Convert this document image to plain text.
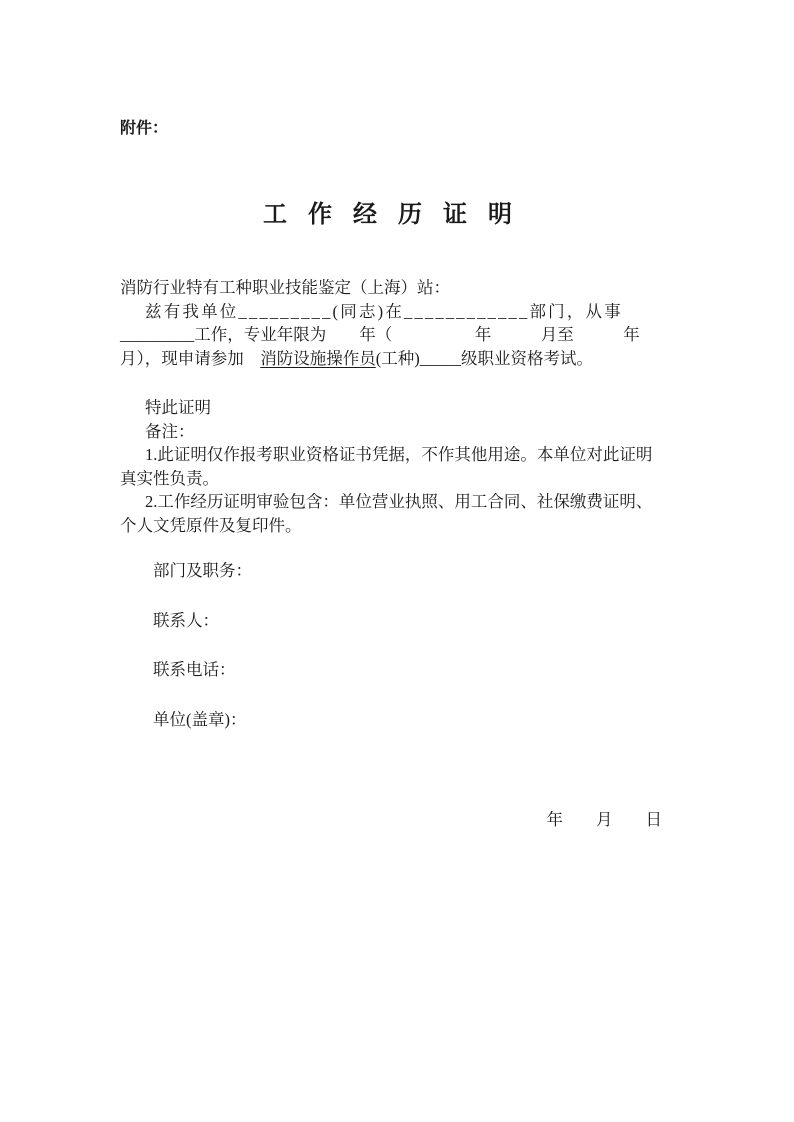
附件：
工作经历证明
消防行业特有工种职业技能鉴定（上海）站：
兹有我单位_________(同志)在____________部门，从事
_________工作，专业年限为　　年（　　　　　年　　　月至　　　年
月），现申请参加　消防设施操作员(工种)_____级职业资格考试。
特此证明
备注：
1.此证明仅作报考职业资格证书凭据，不作其他用途。本单位对此证明
真实性负责。
2.工作经历证明审验包含：单位营业执照、用工合同、社保缴费证明、
个人文凭原件及复印件。
部门及职务：
联系人：
联系电话：
单位(盖章)：
年　　月　　日
